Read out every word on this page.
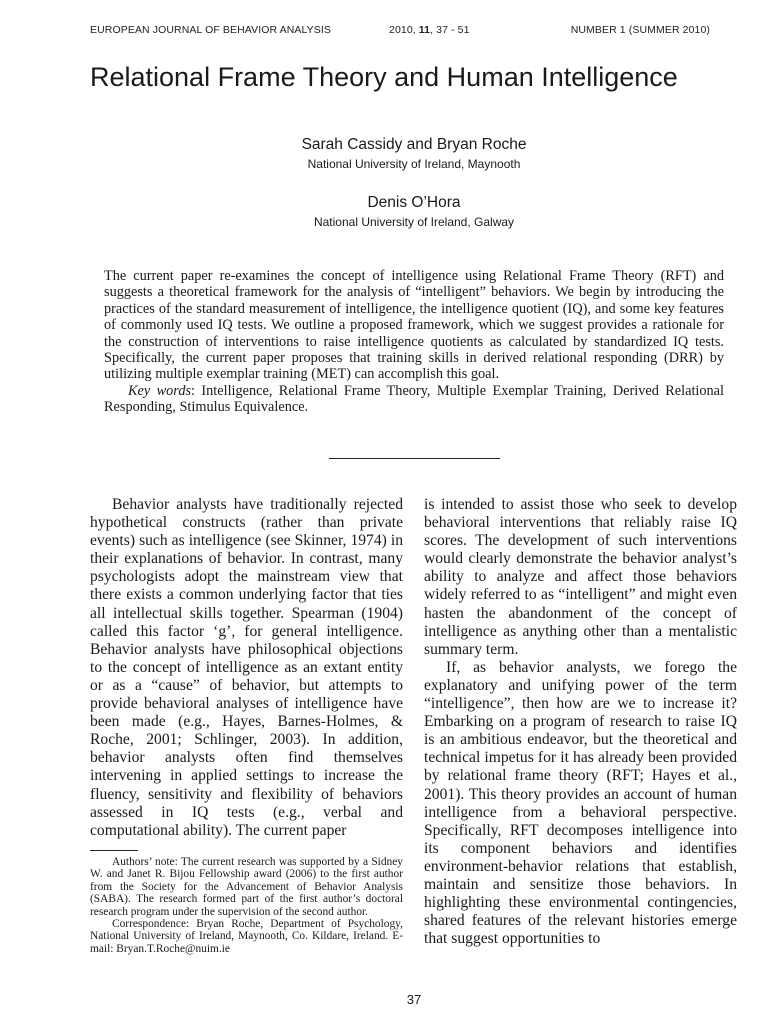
EUROPEAN JOURNAL OF BEHAVIOR ANALYSIS	2010, 11, 37 - 51	NUMBER 1 (SUMMER 2010)
Relational Frame Theory and Human Intelligence
Sarah Cassidy and Bryan Roche
National University of Ireland, Maynooth
Denis O’Hora
National University of Ireland, Galway

The current paper re-examines the concept of intelligence using Relational Frame Theory (RFT) and suggests a theoretical framework for the analysis of “intelligent” behaviors. We begin by introducing the practices of the standard measurement of intelligence, the intelligence quotient (IQ), and some key features of commonly used IQ tests. We outline a proposed framework, which we suggest provides a rationale for the construction of interventions to raise intelligence quotients as calculated by standardized IQ tests. Specifically, the current paper proposes that training skills in derived relational responding (DRR) by utilizing multiple exemplar training (MET) can accomplish this goal.

Key words: Intelligence, Relational Frame Theory, Multiple Exemplar Training, Derived Relational Responding, Stimulus Equivalence.

Behavior analysts have traditionally rejected hypothetical constructs (rather than private events) such as intelligence (see Skinner, 1974) in their explanations of behavior. In contrast, many psychologists adopt the mainstream view that there exists a common underlying factor that ties all intellectual skills together. Spearman (1904) called this factor ‘g’, for general intelligence. Behavior analysts have philosophical objections to the concept of intelligence as an extant entity or as a “cause” of behavior, but attempts to provide behavioral analyses of intelligence have been made (e.g., Hayes, Barnes-Holmes, & Roche, 2001; Schlinger, 2003). In addition, behavior analysts often find themselves intervening in applied settings to increase the fluency, sensitivity and flexibility of behaviors assessed in IQ tests (e.g., verbal and computational ability). The current paper

Authors’ note: The current research was supported by a Sidney W. and Janet R. Bijou Fellowship award (2006) to the first author from the Society for the Advancement of Behavior Analysis (SABA). The research formed part of the first author’s doctoral research program under the supervision of the second author.

Correspondence: Bryan Roche, Department of Psychology, National University of Ireland, Maynooth, Co. Kildare, Ireland. E-mail: Bryan.T.Roche@nuim.ie

is intended to assist those who seek to develop behavioral interventions that reliably raise IQ scores. The development of such interventions would clearly demonstrate the behavior analyst’s ability to analyze and affect those behaviors widely referred to as “intelligent” and might even hasten the abandonment of the concept of intelligence as anything other than a mentalistic summary term.

If, as behavior analysts, we forego the explanatory and unifying power of the term “intelligence”, then how are we to increase it? Embarking on a program of research to raise IQ is an ambitious endeavor, but the theoretical and technical impetus for it has already been provided by relational frame theory (RFT; Hayes et al., 2001). This theory provides an account of human intelligence from a behavioral perspective. Specifically, RFT decomposes intelligence into its component behaviors and identifies environment-behavior relations that establish, maintain and sensitize those behaviors. In highlighting these environmental contingencies, shared features of the relevant histories emerge that suggest opportunities to

37
